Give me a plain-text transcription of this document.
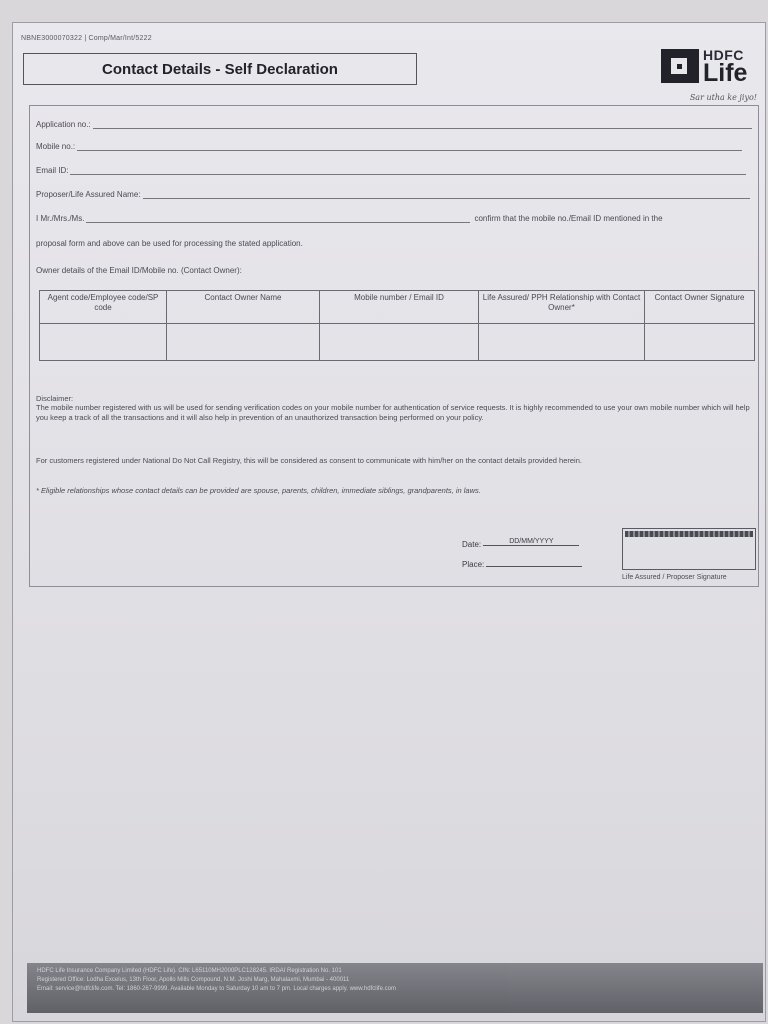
NBNE3000070322 | Comp/Mar/Int/5222
Contact Details - Self Declaration
HDFC
Life
Sar utha ke jiyo!
Application no.:
Mobile no.:
Email ID:
Proposer/Life Assured Name:
I Mr./Mrs./Ms.	confirm that the mobile no./Email ID mentioned in the
proposal form and above can be used for processing the stated application.
Owner details of the Email ID/Mobile no. (Contact Owner):
Agent code/Employee code/SP code	Contact Owner Name	Mobile number / Email ID	Life Assured/ PPH Relationship with Contact Owner*	Contact Owner Signature

Disclaimer:
The mobile number registered with us will be used for sending verification codes on your mobile number for authentication of service requests. It is highly recommended to use your own mobile number which will help you keep a track of all the transactions and it will also help in prevention of an unauthorized transaction being performed on your policy.
For customers registered under National Do Not Call Registry, this will be considered as consent to communicate with him/her on the contact details provided herein.
* Eligible relationships whose contact details can be provided are spouse, parents, children, immediate siblings, grandparents, in laws.
Date:	DD/MM/YYYY
Place:
Life Assured / Proposer Signature
HDFC Life Insurance Company Limited (HDFC Life). CIN: L65110MH2000PLC128245. IRDAI Registration No. 101
Registered Office: Lodha Excelus, 13th Floor, Apollo Mills Compound, N.M. Joshi Marg, Mahalaxmi, Mumbai - 400011
Email: service@hdfclife.com. Tel: 1860-267-9999. Available Monday to Saturday 10 am to 7 pm. Local charges apply. www.hdfclife.com
